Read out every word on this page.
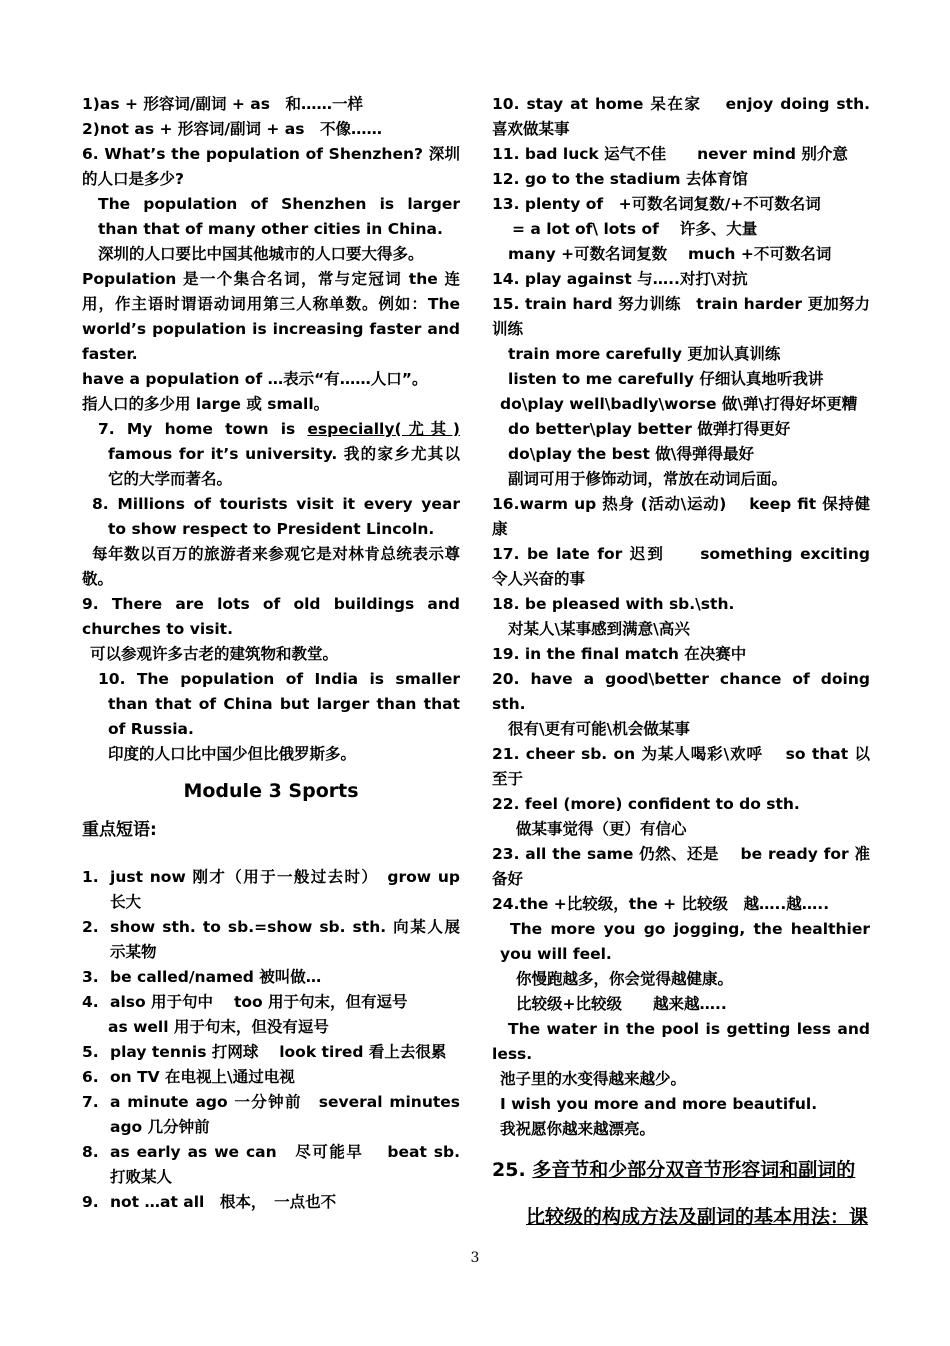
1)as + 形容词/副词 + as　和……一样

2)not as + 形容词/副词 + as　不像……

6. What’s the population of Shenzhen? 深圳的人口是多少?

The population of Shenzhen is larger than that of many other cities in China.

深圳的人口要比中国其他城市的人口要大得多。

Population 是一个集合名词，常与定冠词 the 连用，作主语时谓语动词用第三人称单数。例如：The world’s population is increasing faster and faster.

have a population of …表示“有……人口”。

指人口的多少用 large 或 small。

7. My home town is especially(尤其) famous for it’s university. 我的家乡尤其以它的大学而著名。

8. Millions of tourists visit it every year to show respect to President Lincoln.

每年数以百万的旅游者来参观它是对林肯总统表示尊敬。

9. There are lots of old buildings and churches to visit.

可以参观许多古老的建筑物和教堂。

10. The population of India is smaller than that of China but larger than that of Russia.

印度的人口比中国少但比俄罗斯多。

Module 3 Sports

重点短语:

1. just now 刚才（用于一般过去时）　grow up 长大
2. show sth. to sb.=show sb. sth. 向某人展示某物
3. be called/named 被叫做…
4. also 用于句中　 too 用于句末，但有逗号

as well 用于句末，但没有逗号

5. play tennis 打网球　 look tired 看上去很累
6. on TV 在电视上\通过电视
7. a minute ago 一分钟前　several minutes ago 几分钟前
8. as early as we can　尽可能早　 beat sb. 打败某人
9. not …at all　根本，　一点也不

10. stay at home 呆在家　 enjoy doing sth. 喜欢做某事

11. bad luck 运气不佳　　never mind 别介意

12. go to the stadium 去体育馆

13. plenty of　+可数名词复数/+不可数名词

= a lot of\ lots of　 许多、大量

many +可数名词复数　 much +不可数名词

14. play against 与…..对打\对抗

15. train hard 努力训练　train harder 更加努力训练

train more carefully 更加认真训练

listen to me carefully 仔细认真地听我讲

do\play well\badly\worse 做\弹\打得好坏更糟

do better\play better 做弹打得更好

do\play the best 做\得弹得最好

副词可用于修饰动词，常放在动词后面。

16.warm up 热身 (活动\运动)　 keep fit 保持健康

17. be late for 迟到　　something exciting 令人兴奋的事

18. be pleased with sb.\sth.

对某人\某事感到满意\高兴

19. in the final match 在决赛中

20. have a good\better chance of doing sth.

很有\更有可能\机会做某事

21. cheer sb. on 为某人喝彩\欢呼　 so that 以至于

22. feel (more) confident to do sth.

做某事觉得（更）有信心

23. all the same 仍然、还是　 be ready for 准备好

24.the +比较级，the + 比较级　越…..越…..

The more you go jogging, the healthier you will feel.

你慢跑越多，你会觉得越健康。

比较级+比较级　　越来越…..

The water in the pool is getting less and less.

池子里的水变得越来越少。

I wish you more and more beautiful.

我祝愿你越来越漂亮。

25. 多音节和少部分双音节形容词和副词的

比较级的构成方法及副词的基本用法：课

3
